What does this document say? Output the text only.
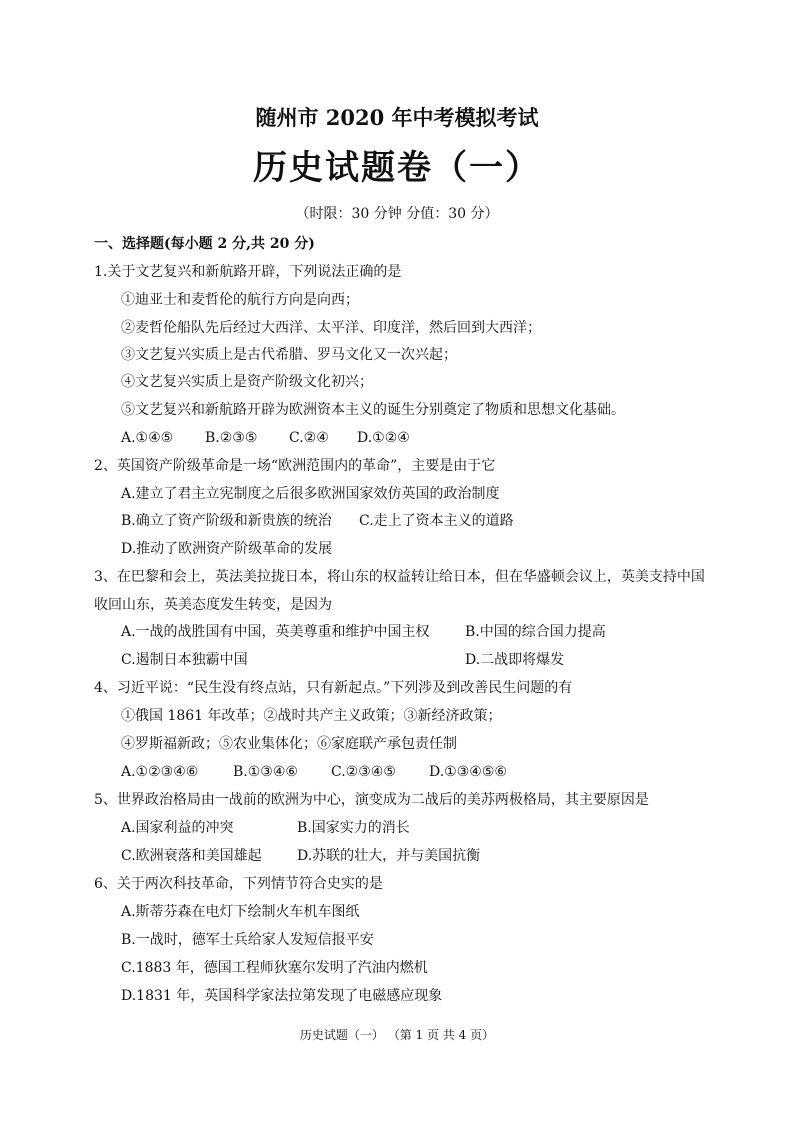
随州市 2020 年中考模拟考试
历史试题卷（一）
（时限：30 分钟 分值：30 分）
一、选择题(每小题 2 分,共 20 分)
1.关于文艺复兴和新航路开辟，下列说法正确的是
①迪亚士和麦哲伦的航行方向是向西；
②麦哲伦船队先后经过大西洋、太平洋、印度洋，然后回到大西洋；
③文艺复兴实质上是古代希腊、罗马文化又一次兴起；
④文艺复兴实质上是资产阶级文化初兴；
⑤文艺复兴和新航路开辟为欧洲资本主义的诞生分别奠定了物质和思想文化基础。
A.①④⑤ B.②③⑤ C.②④ D.①②④
2、英国资产阶级革命是一场“欧洲范围内的革命”，主要是由于它
A.建立了君主立宪制度之后很多欧洲国家效仿英国的政治制度
B.确立了资产阶级和新贵族的统治 C.走上了资本主义的道路
D.推动了欧洲资产阶级革命的发展
3、在巴黎和会上，英法美拉拢日本，将山东的权益转让给日本，但在华盛顿会议上，英美支持中国
收回山东，英美态度发生转变，是因为
A.一战的战胜国有中国，英美尊重和维护中国主权	B.中国的综合国力提高
C.遏制日本独霸中国	D.二战即将爆发
4、习近平说：“民生没有终点站，只有新起点。”下列涉及到改善民生问题的有
①俄国 1861 年改革；②战时共产主义政策；③新经济政策；
④罗斯福新政；⑤农业集体化；⑥家庭联产承包责任制
A.①②③④⑥ B.①③④⑥ C.②③④⑤ D.①③④⑤⑥
5、世界政治格局由一战前的欧洲为中心，演变成为二战后的美苏两极格局，其主要原因是
A.国家利益的冲突	B.国家实力的消长
C.欧洲衰落和美国雄起	D.苏联的壮大，并与美国抗衡
6、关于两次科技革命，下列情节符合史实的是
A.斯蒂芬森在电灯下绘制火车机车图纸
B.一战时，德军士兵给家人发短信报平安
C.1883 年，德国工程师狄塞尔发明了汽油内燃机
D.1831 年，英国科学家法拉第发现了电磁感应现象
历史试题（一） （第 1 页 共 4 页）
